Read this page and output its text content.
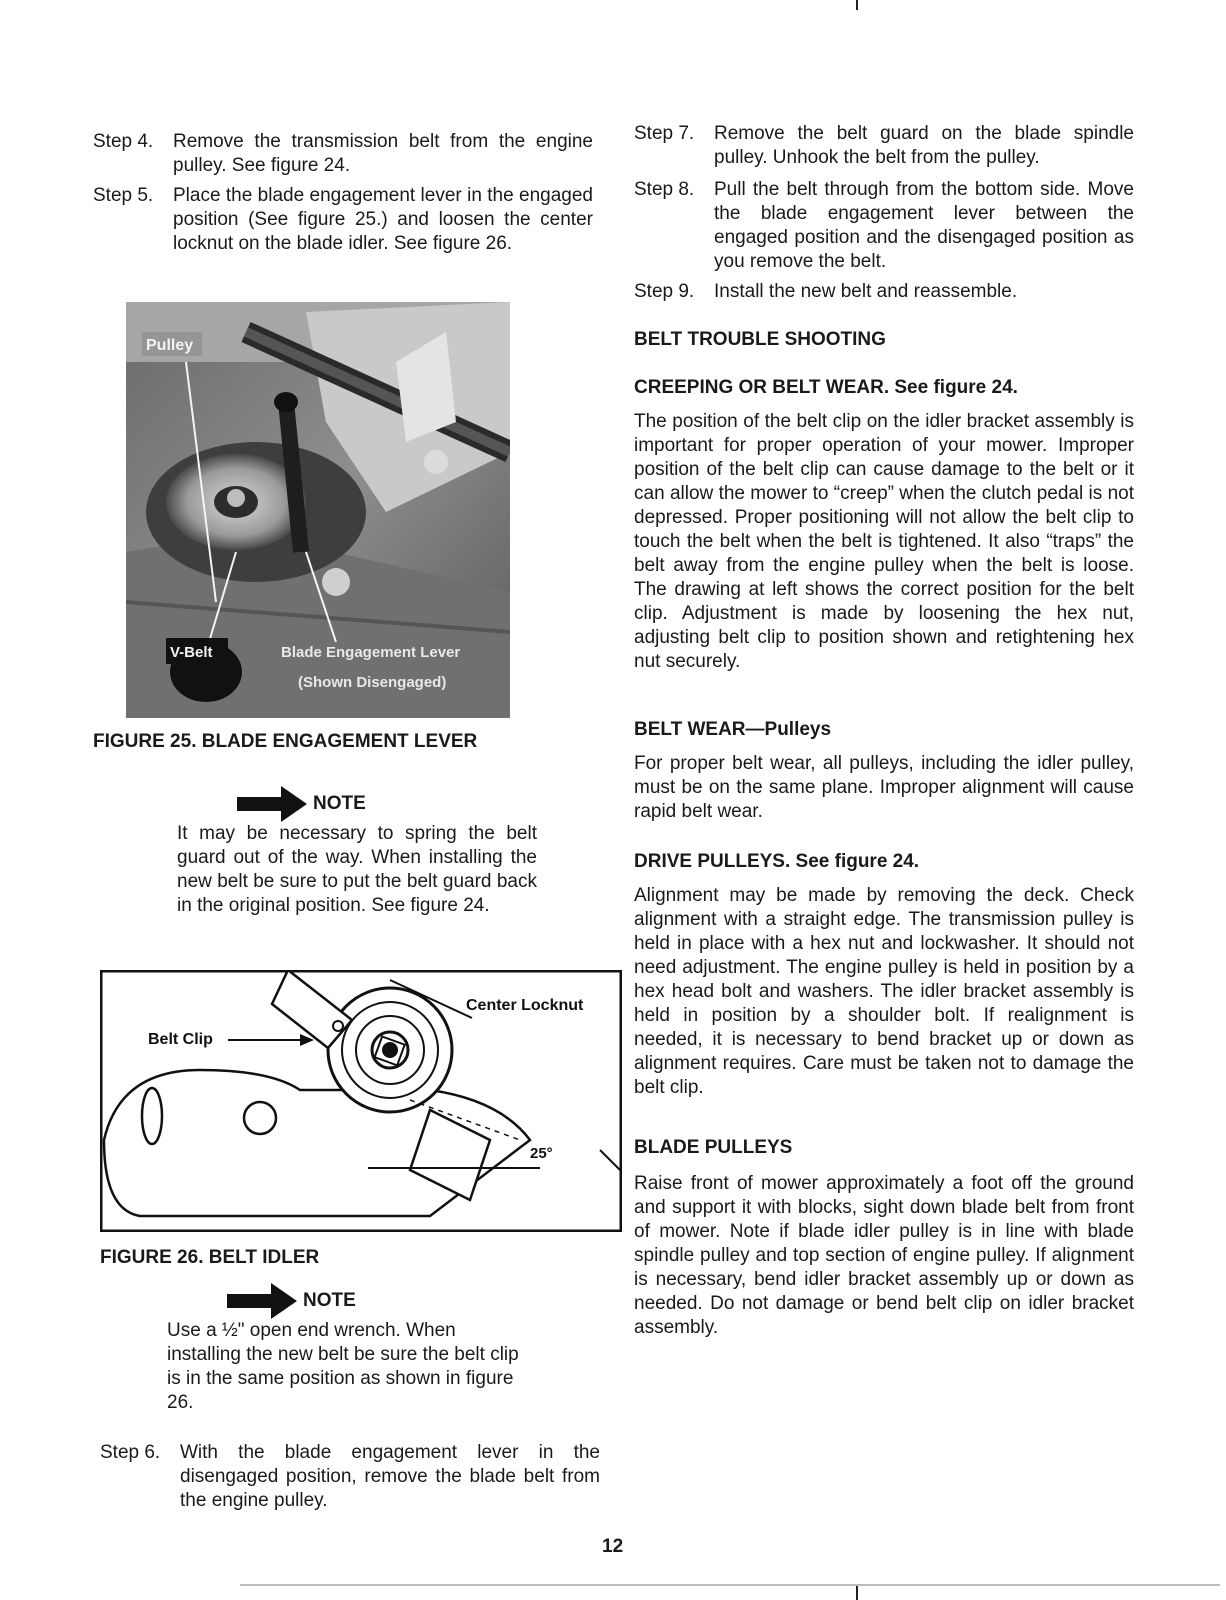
Step 4.	Remove the transmission belt from the engine pulley. See figure 24.
Step 5.	Place the blade engagement lever in the engaged position (See figure 25.) and loosen the center locknut on the blade idler. See figure 26.
Pulley
V-Belt	Blade Engagement Lever
(Shown Disengaged)
FIGURE 25. BLADE ENGAGEMENT LEVER
NOTE

It may be necessary to spring the belt guard out of the way. When installing the new belt be sure to put the belt guard back in the original position. See figure 24.

Center Locknut
Belt Clip
25°
FIGURE 26. BELT IDLER
NOTE

Use a ½" open end wrench. When installing the new belt be sure the belt clip is in the same position as shown in figure 26.

Step 6.	With the blade engagement lever in the disengaged position, remove the blade belt from the engine pulley.
Step 7.	Remove the belt guard on the blade spindle pulley. Unhook the belt from the pulley.
Step 8.	Pull the belt through from the bottom side. Move the blade engagement lever between the engaged position and the disengaged position as you remove the belt.
Step 9.	Install the new belt and reassemble.

BELT TROUBLE SHOOTING

CREEPING OR BELT WEAR. See figure 24.

The position of the belt clip on the idler bracket assembly is important for proper operation of your mower. Improper position of the belt clip can cause damage to the belt or it can allow the mower to “creep” when the clutch pedal is not depressed. Proper positioning will not allow the belt clip to touch the belt when the belt is tightened. It also “traps” the belt away from the engine pulley when the belt is loose. The drawing at left shows the correct position for the belt clip. Adjustment is made by loosening the hex nut, adjusting belt clip to position shown and retightening hex nut securely.

BELT WEAR—Pulleys

For proper belt wear, all pulleys, including the idler pulley, must be on the same plane. Improper alignment will cause rapid belt wear.

DRIVE PULLEYS. See figure 24.

Alignment may be made by removing the deck. Check alignment with a straight edge. The transmission pulley is held in place with a hex nut and lockwasher. It should not need adjustment. The engine pulley is held in position by a hex head bolt and washers. The idler bracket assembly is held in position by a shoulder bolt. If realignment is needed, it is necessary to bend bracket up or down as alignment requires. Care must be taken not to damage the belt clip.

BLADE PULLEYS

Raise front of mower approximately a foot off the ground and support it with blocks, sight down blade belt from front of mower. Note if blade idler pulley is in line with blade spindle pulley and top section of engine pulley. If alignment is necessary, bend idler bracket assembly up or down as needed. Do not damage or bend belt clip on idler bracket assembly.

12
